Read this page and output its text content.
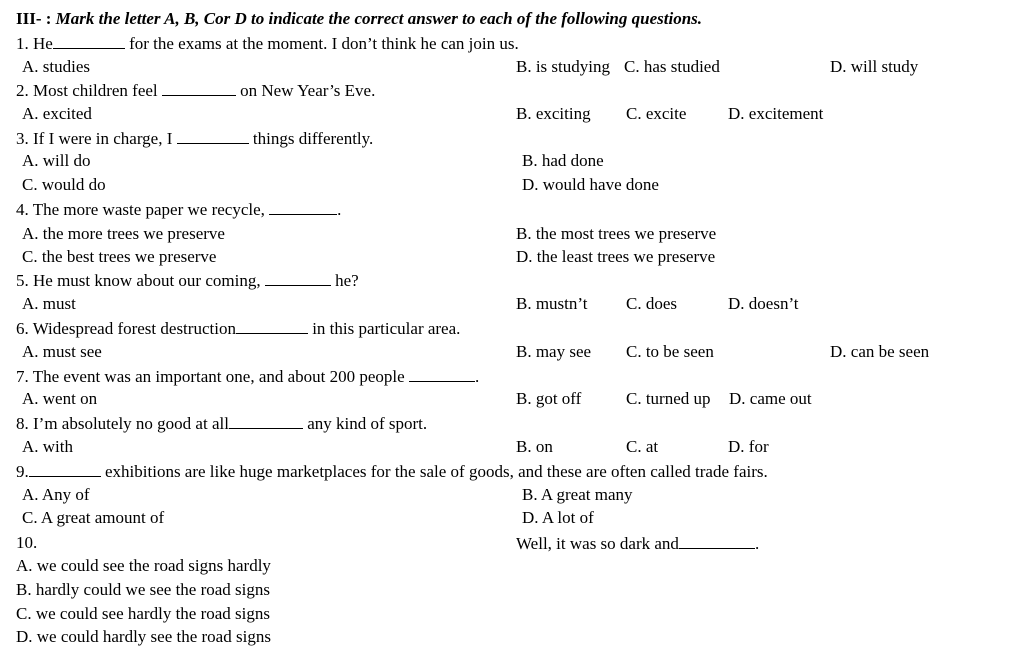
III- : Mark the letter A, B, Cor D to indicate the correct answer to each of the following questions.
1. He	for the exams at the moment. I don’t think he can join us.
A. studies	B. is studying C. has studied	D. will study
2. Most children feel	on New Year’s Eve.
A. excited	B. exciting C. excite D. excitement
3. If I were in charge, I	things differently.
A. will do	B. had done
C. would do	D. would have done
4. The more waste paper we recycle,	.
A. the more trees we preserve	B. the most trees we preserve
C. the best trees we preserve	D. the least trees we preserve
5. He must know about our coming,	he?
A. must	B. mustn’t C. does	D. doesn’t
6. Widespread forest destruction	in this particular area.
A. must see	B. may see C. to be seen	D. can be seen
7. The event was an important one, and about 200 people	.
A. went on	B. got off	C. turned up D. came out
8. I’m absolutely no good at all	any kind of sport.
A. with	B. on	C. at	D. for
9.	exhibitions are like huge marketplaces for the sale of goods, and these are often called trade fairs.
A. Any of	B. A great many
C. A great amount of	D. A lot of
10.	Well, it was so dark and	.
A. we could see the road signs hardly
B. hardly could we see the road signs
C. we could see hardly the road signs
D. we could hardly see the road signs
